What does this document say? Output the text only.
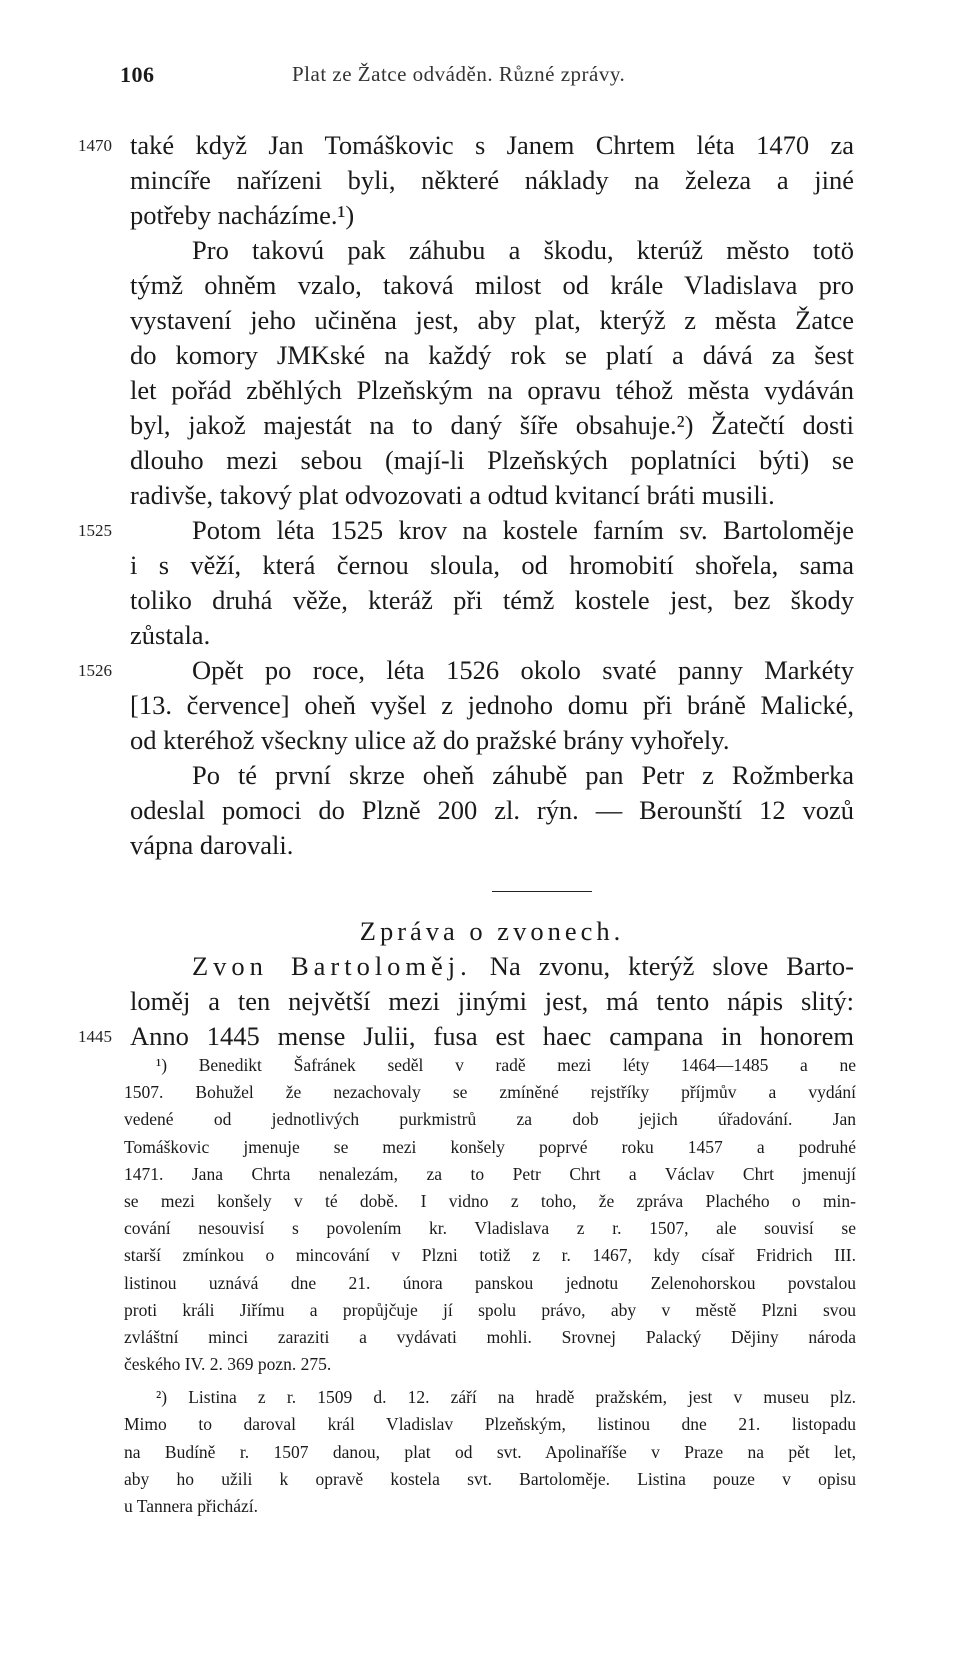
106	Plat ze Žatce odváděn. Různé zprávy.
1470 také když Jan Tomáškovic s Janem Chrtem léta 1470 za
mincíře nařízeni byli, některé náklady na železa a jiné
potřeby nacházíme.¹)
Pro takovú pak záhubu a škodu, kterúž město totö
týmž ohněm vzalo, taková milost od krále Vladislava pro
vystavení jeho učiněna jest, aby plat, kterýž z města Žatce
do komory JMKské na každý rok se platí a dává za šest
let pořád zběhlých Plzeňským na opravu téhož města vydáván
byl, jakož majestát na to daný šíře obsahuje.²) Žatečtí dosti
dlouho mezi sebou (mají-li Plzeňských poplatníci býti) se
radivše, takový plat odvozovati a odtud kvitancí bráti musili.
1525	Potom léta 1525 krov na kostele farním sv. Bartoloměje
i s věží, která černou sloula, od hromobití shořela, sama
toliko druhá věže, kteráž při témž kostele jest, bez škody
zůstala.
1526	Opět po roce, léta 1526 okolo svaté panny Markéty
[13. července] oheň vyšel z jednoho domu při bráně Malické,
od kteréhož všeckny ulice až do pražské brány vyhořely.
Po té první skrze oheň záhubě pan Petr z Rožmberka
odeslal pomoci do Plzně 200 zl. rýn. — Berounští 12 vozů
vápna darovali.
Zpráva o zvonech.
Zvon Bartoloměj. Na zvonu, kterýž slove Barto-
loměj a ten největší mezi jinými jest, má tento nápis slitý:
1445 Anno 1445 mense Julii, fusa est haec campana in honorem
¹) Benedikt Šafránek seděl v radě mezi léty 1464—1485 a ne
1507. Bohužel že nezachovaly se zmíněné rejstříky příjmův a vydání
vedené od jednotlivých purkmistrů za dob jejich úřadování. Jan
Tomáškovic jmenuje se mezi konšely poprvé roku 1457 a podruhé
1471. Jana Chrta nenalezám, za to Petr Chrt a Václav Chrt jmenují
se mezi konšely v té době. I vidno z toho, že zpráva Plachého o min-
cování nesouvisí s povolením kr. Vladislava z r. 1507, ale souvisí se
starší zmínkou o mincování v Plzni totiž z r. 1467, kdy císař Fridrich III.
listinou uznává dne 21. února panskou jednotu Zelenohorskou povstalou
proti králi Jiřímu a propůjčuje jí spolu právo, aby v městě Plzni svou
zvláštní minci zaraziti a vydávati mohli. Srovnej Palacký Dějiny národa
českého IV. 2. 369 pozn. 275.
²) Listina z r. 1509 d. 12. září na hradě pražském, jest v museu plz.
Mimo to daroval král Vladislav Plzeňským, listinou dne 21. listopadu
na Budíně r. 1507 danou, plat od svt. Apolinaříše v Praze na pět let,
aby ho užili k opravě kostela svt. Bartoloměje. Listina pouze v opisu
u Tannera přichází.
